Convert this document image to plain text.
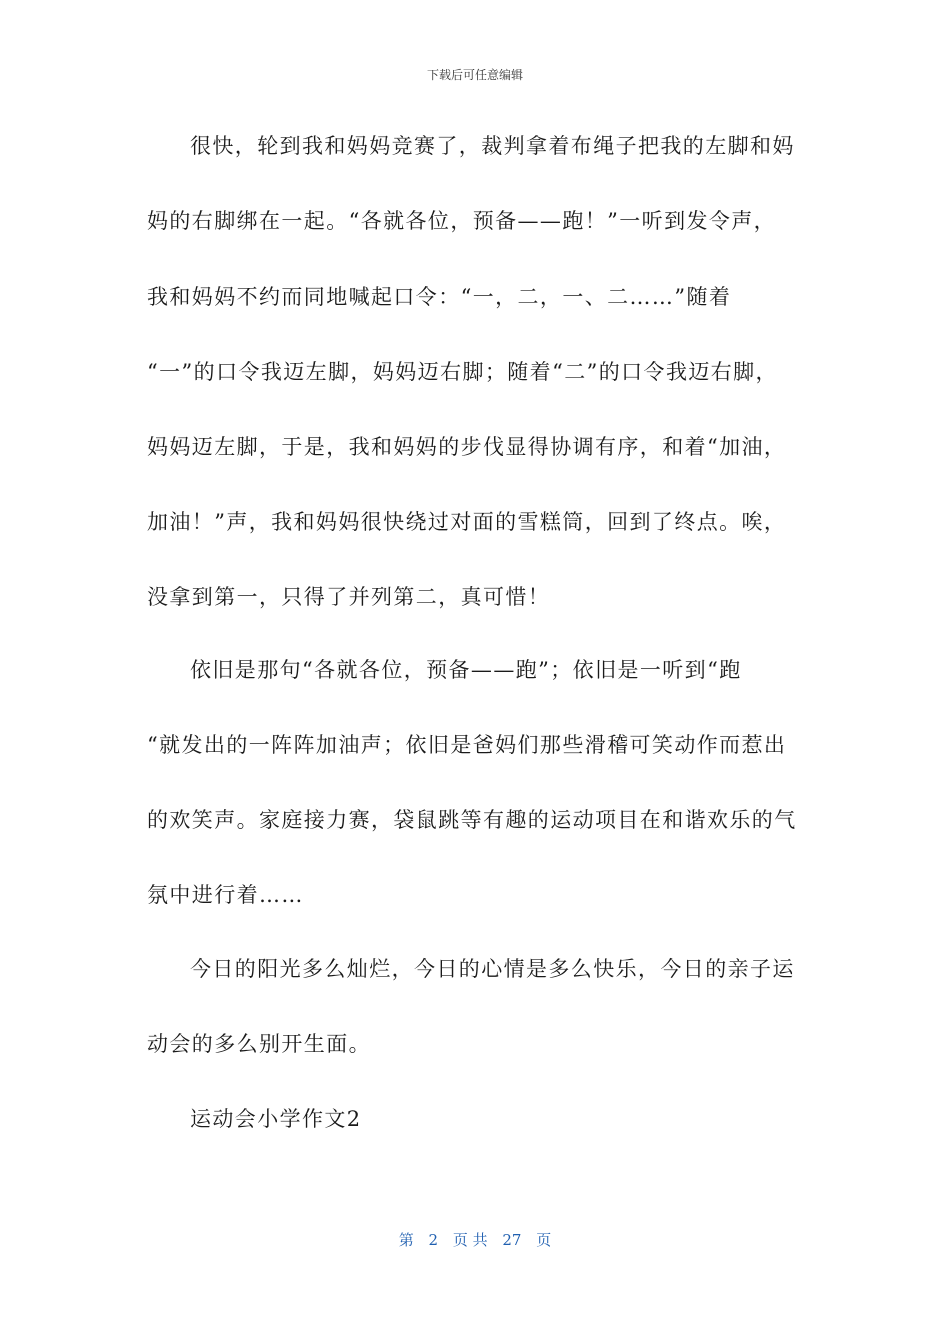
下载后可任意编辑
很快，轮到我和妈妈竞赛了，裁判拿着布绳子把我的左脚和妈
妈的右脚绑在一起。“各就各位，预备——跑！”一听到发令声，
我和妈妈不约而同地喊起口令：“一，二，一、二……”随着
“一”的口令我迈左脚，妈妈迈右脚；随着“二”的口令我迈右脚，
妈妈迈左脚，于是，我和妈妈的步伐显得协调有序，和着“加油，
加油！”声，我和妈妈很快绕过对面的雪糕筒，回到了终点。唉，
没拿到第一，只得了并列第二，真可惜！
依旧是那句“各就各位，预备——跑”；依旧是一听到“跑
“就发出的一阵阵加油声；依旧是爸妈们那些滑稽可笑动作而惹出
的欢笑声。家庭接力赛，袋鼠跳等有趣的运动项目在和谐欢乐的气
氛中进行着……
今日的阳光多么灿烂，今日的心情是多么快乐，今日的亲子运
动会的多么别开生面。
运动会小学作文2
第 2 页 共 27 页
